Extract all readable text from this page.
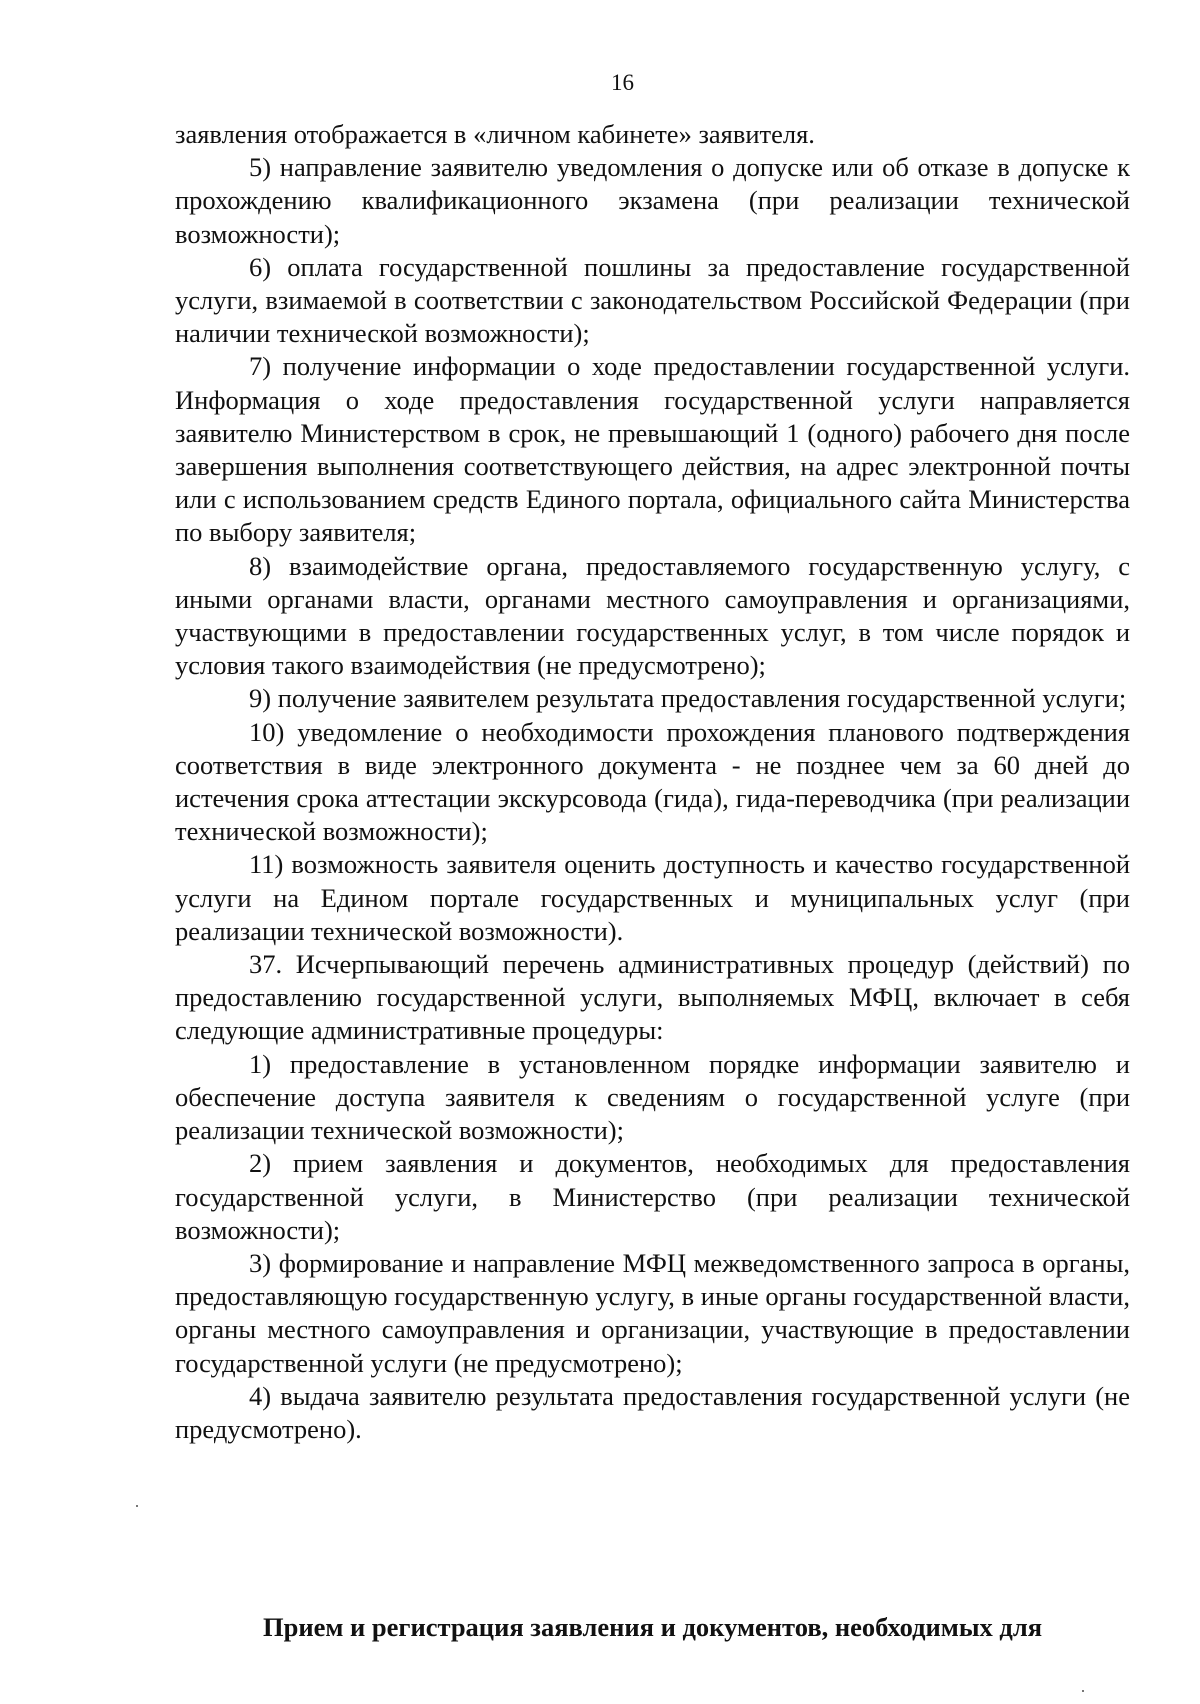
16

заявления отображается в «личном кабинете» заявителя.

5) направление заявителю уведомления о допуске или об отказе в допуске к прохождению квалификационного экзамена (при реализации технической возможности);

6) оплата государственной пошлины за предоставление государственной услуги, взимаемой в соответствии с законодательством Российской Федерации (при наличии технической возможности);

7) получение информации о ходе предоставлении государственной услуги. Информация о ходе предоставления государственной услуги направляется заявителю Министерством в срок, не превышающий 1 (одного) рабочего дня после завершения выполнения соответствующего действия, на адрес электронной почты или с использованием средств Единого портала, официального сайта Министерства по выбору заявителя;

8) взаимодействие органа, предоставляемого государственную услугу, с иными органами власти, органами местного самоуправления и организациями, участвующими в предоставлении государственных услуг, в том числе порядок и условия такого взаимодействия (не предусмотрено);

9) получение заявителем результата предоставления государственной услуги;

10) уведомление о необходимости прохождения планового подтверждения соответствия в виде электронного документа - не позднее чем за 60 дней до истечения срока аттестации экскурсовода (гида), гида-переводчика (при реализации технической возможности);

11) возможность заявителя оценить доступность и качество государственной услуги на Едином портале государственных и муниципальных услуг (при реализации технической возможности).

37. Исчерпывающий перечень административных процедур (действий) по предоставлению государственной услуги, выполняемых МФЦ, включает в себя следующие административные процедуры:

1) предоставление в установленном порядке информации заявителю и обеспечение доступа заявителя к сведениям о государственной услуге (при реализации технической возможности);

2) прием заявления и документов, необходимых для предоставления государственной услуги, в Министерство (при реализации технической возможности);

3) формирование и направление МФЦ межведомственного запроса в органы, предоставляющую государственную услугу, в иные органы государственной власти, органы местного самоуправления и организации, участвующие в предоставлении государственной услуги (не предусмотрено);

4) выдача заявителю результата предоставления государственной услуги (не предусмотрено).

Прием и регистрация заявления и документов, необходимых для
